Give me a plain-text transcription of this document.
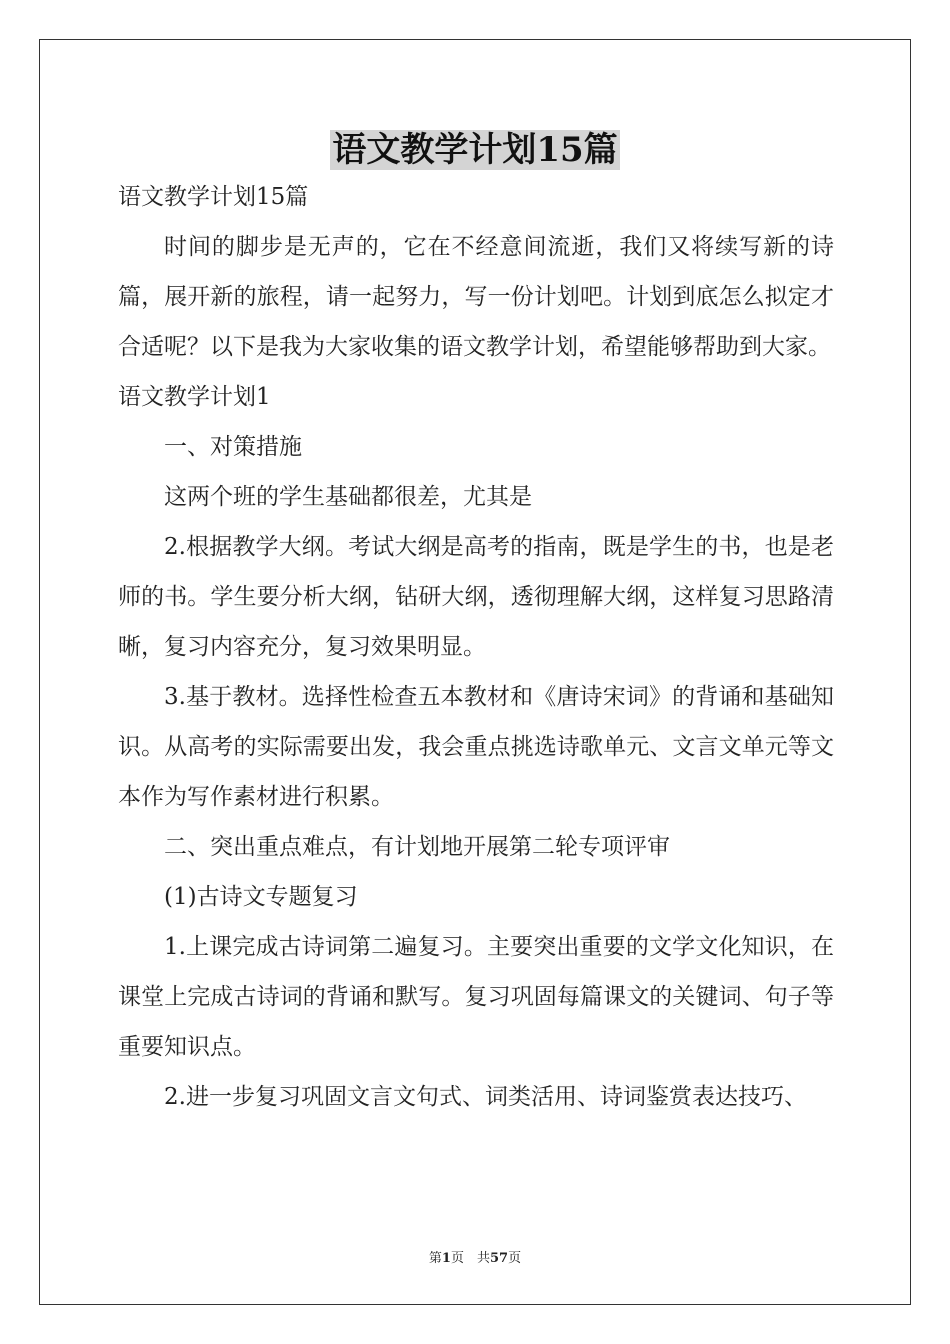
语文教学计划15篇

语文教学计划15篇

时间的脚步是无声的，它在不经意间流逝，我们又将续写新的诗篇，展开新的旅程，请一起努力，写一份计划吧。计划到底怎么拟定才合适呢？以下是我为大家收集的语文教学计划，希望能够帮助到大家。

语文教学计划1

一、对策措施

这两个班的学生基础都很差，尤其是

2.根据教学大纲。考试大纲是高考的指南，既是学生的书，也是老师的书。学生要分析大纲，钻研大纲，透彻理解大纲，这样复习思路清晰，复习内容充分，复习效果明显。

3.基于教材。选择性检查五本教材和《唐诗宋词》的背诵和基础知识。从高考的实际需要出发，我会重点挑选诗歌单元、文言文单元等文本作为写作素材进行积累。

二、突出重点难点，有计划地开展第二轮专项评审

(1)古诗文专题复习

1.上课完成古诗词第二遍复习。主要突出重要的文学文化知识，在课堂上完成古诗词的背诵和默写。复习巩固每篇课文的关键词、句子等重要知识点。

2.进一步复习巩固文言文句式、词类活用、诗词鉴赏表达技巧、

第1页　共57页
